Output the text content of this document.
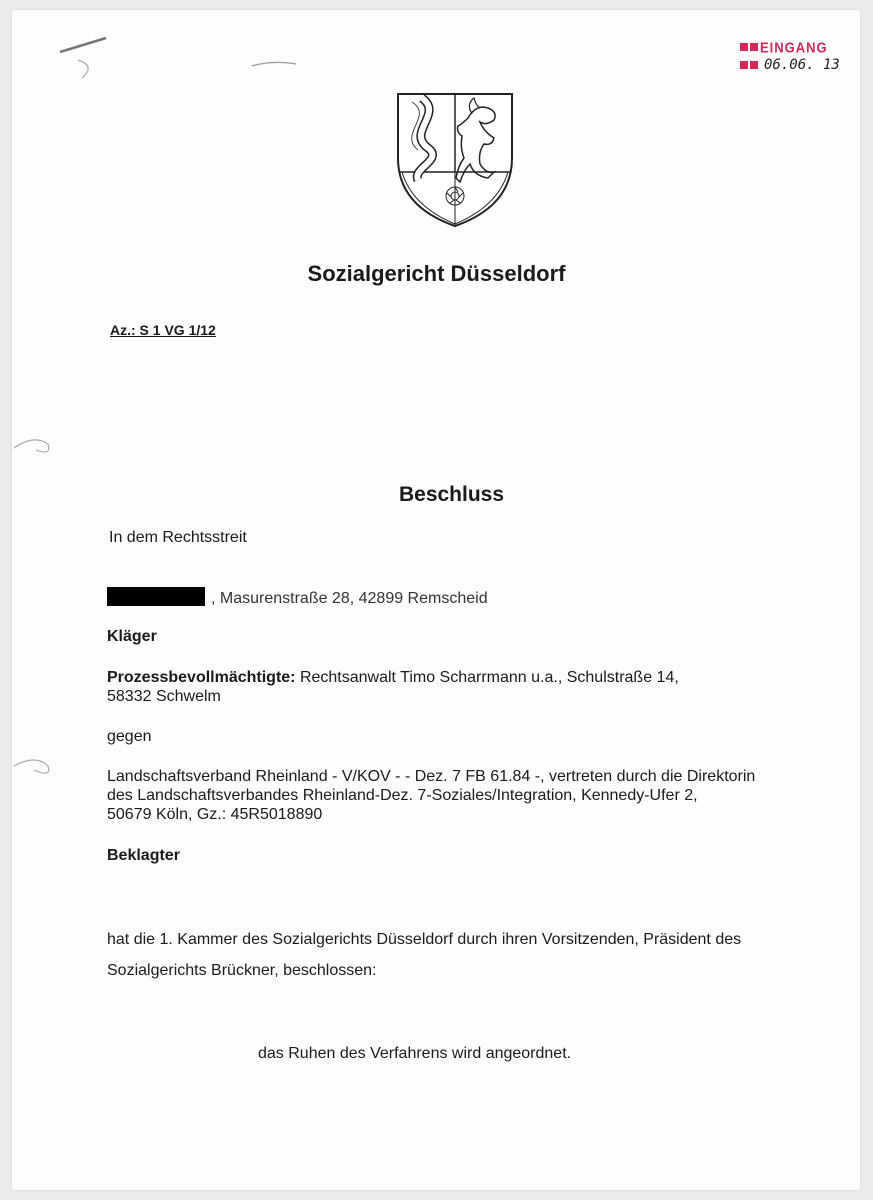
EINGANG
06.06. 13
Sozialgericht Düsseldorf
Az.: S 1 VG 1/12
Beschluss
In dem Rechtsstreit
, Masurenstraße 28, 42899 Remscheid
Kläger
Prozessbevollmächtigte: Rechtsanwalt Timo Scharrmann u.a., Schulstraße 14,
58332 Schwelm
gegen
Landschaftsverband Rheinland - V/KOV - - Dez. 7 FB 61.84 -, vertreten durch die Direktorin
des Landschaftsverbandes Rheinland-Dez. 7-Soziales/Integration, Kennedy-Ufer 2,
50679 Köln, Gz.: 45R5018890
Beklagter
hat die 1. Kammer des Sozialgerichts Düsseldorf durch ihren Vorsitzenden, Präsident des
Sozialgerichts Brückner, beschlossen:
das Ruhen des Verfahrens wird angeordnet.
